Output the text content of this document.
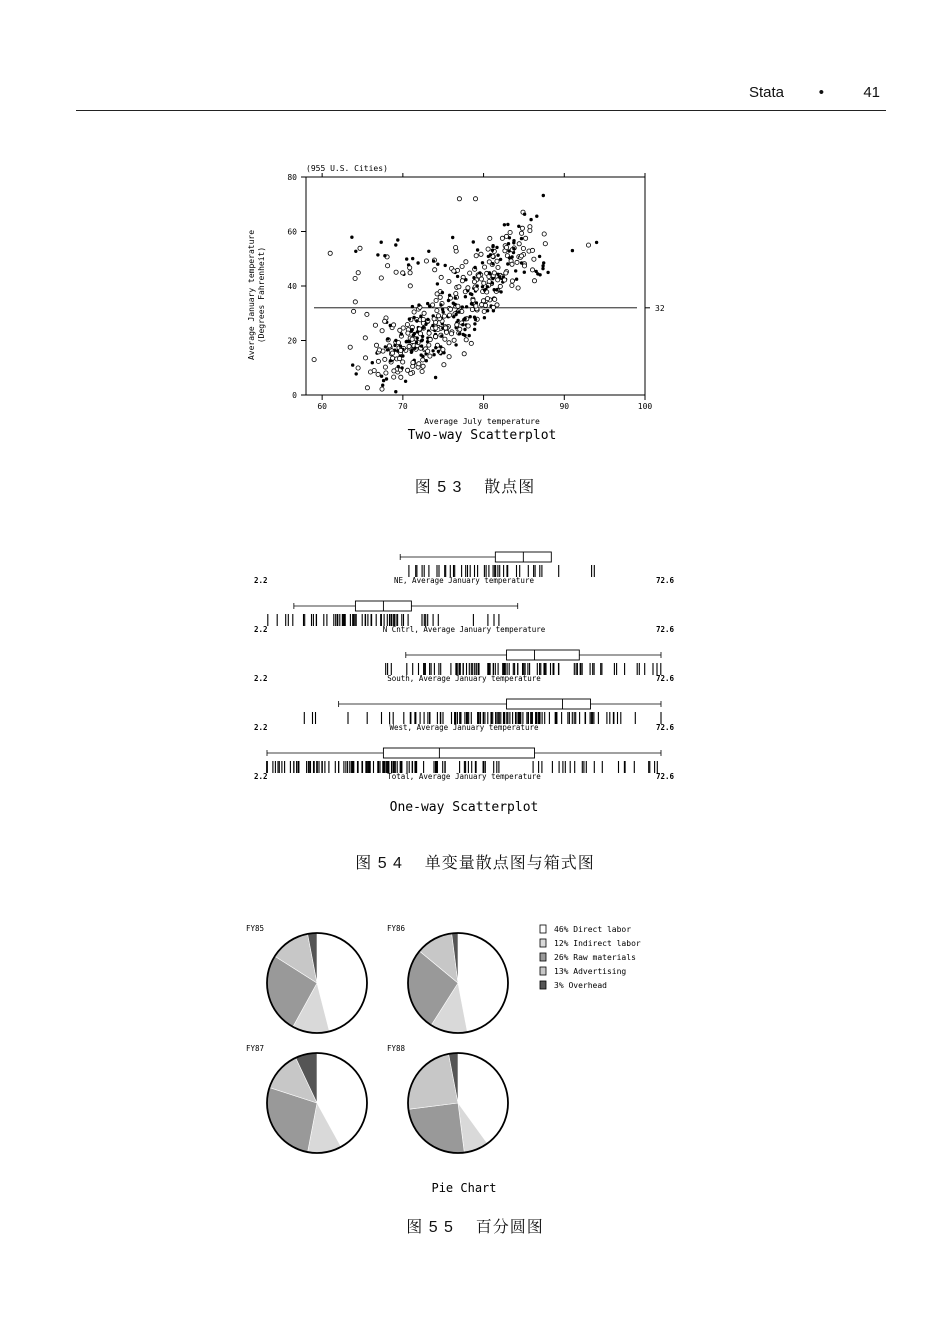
Stata •	41
(955 U.S. Cities)
0
20
40
60
80
60	70	80	90	100
32
Average January temperature (Degrees Fahrenheit)
Average July temperature
Two-way Scatterplot
图 5 3 散点图
NE, Average January temperature
2.2	72.6
N Cntrl, Average January temperature
2.2	72.6
South, Average January temperature
2.2	72.6
West, Average January temperature
2.2	72.6
Total, Average January temperature
2.2	72.6
One-way Scatterplot
图 5 4 单变量散点图与箱式图
FY85	FY86
FY87	FY88
46% Direct labor
12% Indirect labor
26% Raw materials
13% Advertising
3% Overhead
Pie Chart
图 5 5 百分圆图
